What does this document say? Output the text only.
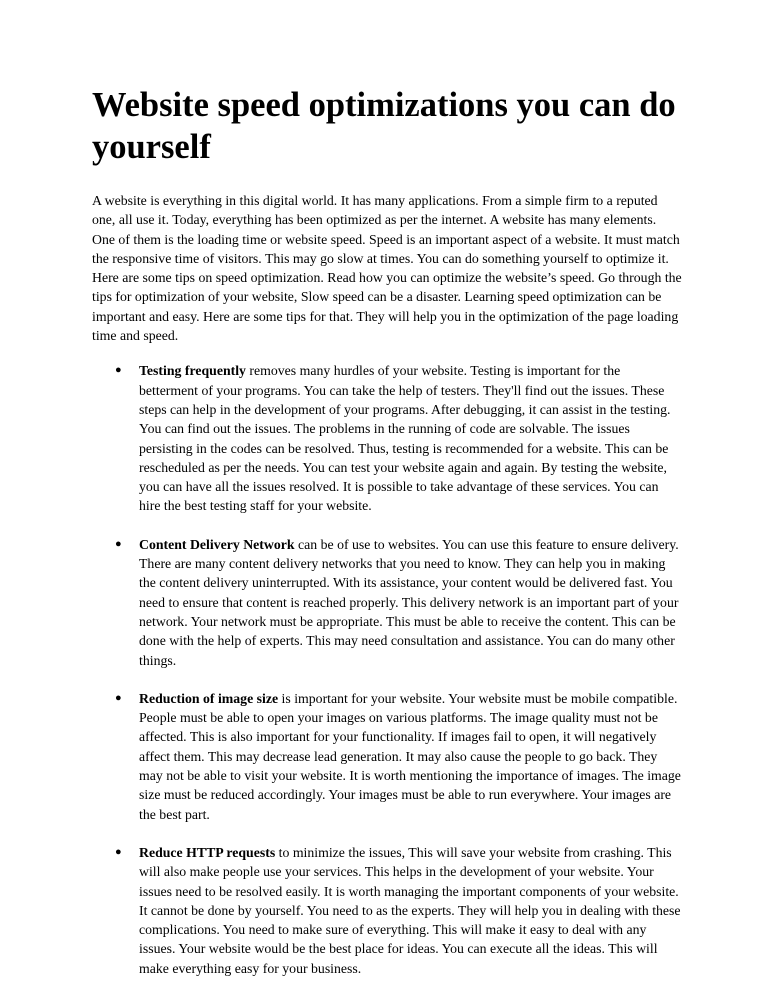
Website speed optimizations you can do yourself

A website is everything in this digital world. It has many applications. From a simple firm to a reputed one, all use it. Today, everything has been optimized as per the internet. A website has many elements. One of them is the loading time or website speed. Speed is an important aspect of a website. It must match the responsive time of visitors. This may go slow at times. You can do something yourself to optimize it. Here are some tips on speed optimization. Read how you can optimize the website’s speed. Go through the tips for optimization of your website, Slow speed can be a disaster. Learning speed optimization can be important and easy. Here are some tips for that. They will help you in the optimization of the page loading time and speed.

● Testing frequently removes many hurdles of your website. Testing is important for the betterment of your programs. You can take the help of testers. They'll find out the issues. These steps can help in the development of your programs. After debugging, it can assist in the testing. You can find out the issues. The problems in the running of code are solvable. The issues persisting in the codes can be resolved. Thus, testing is recommended for a website. This can be rescheduled as per the needs. You can test your website again and again. By testing the website, you can have all the issues resolved. It is possible to take advantage of these services. You can hire the best testing staff for your website.
● Content Delivery Network can be of use to websites. You can use this feature to ensure delivery. There are many content delivery networks that you need to know. They can help you in making the content delivery uninterrupted. With its assistance, your content would be delivered fast. You need to ensure that content is reached properly. This delivery network is an important part of your network. Your network must be appropriate. This must be able to receive the content. This can be done with the help of experts. This may need consultation and assistance. You can do many other things.
● Reduction of image size is important for your website. Your website must be mobile compatible. People must be able to open your images on various platforms. The image quality must not be affected. This is also important for your functionality. If images fail to open, it will negatively affect them. This may decrease lead generation. It may also cause the people to go back. They may not be able to visit your website. It is worth mentioning the importance of images. The image size must be reduced accordingly. Your images must be able to run everywhere. Your images are the best part.
● Reduce HTTP requests to minimize the issues, This will save your website from crashing. This will also make people use your services. This helps in the development of your website. Your issues need to be resolved easily. It is worth managing the important components of your website. It cannot be done by yourself. You need to as the experts. They will help you in dealing with these complications. You need to make sure of everything. This will make it easy to deal with any issues. Your website would be the best place for ideas. You can execute all the ideas. This will make everything easy for your business.
